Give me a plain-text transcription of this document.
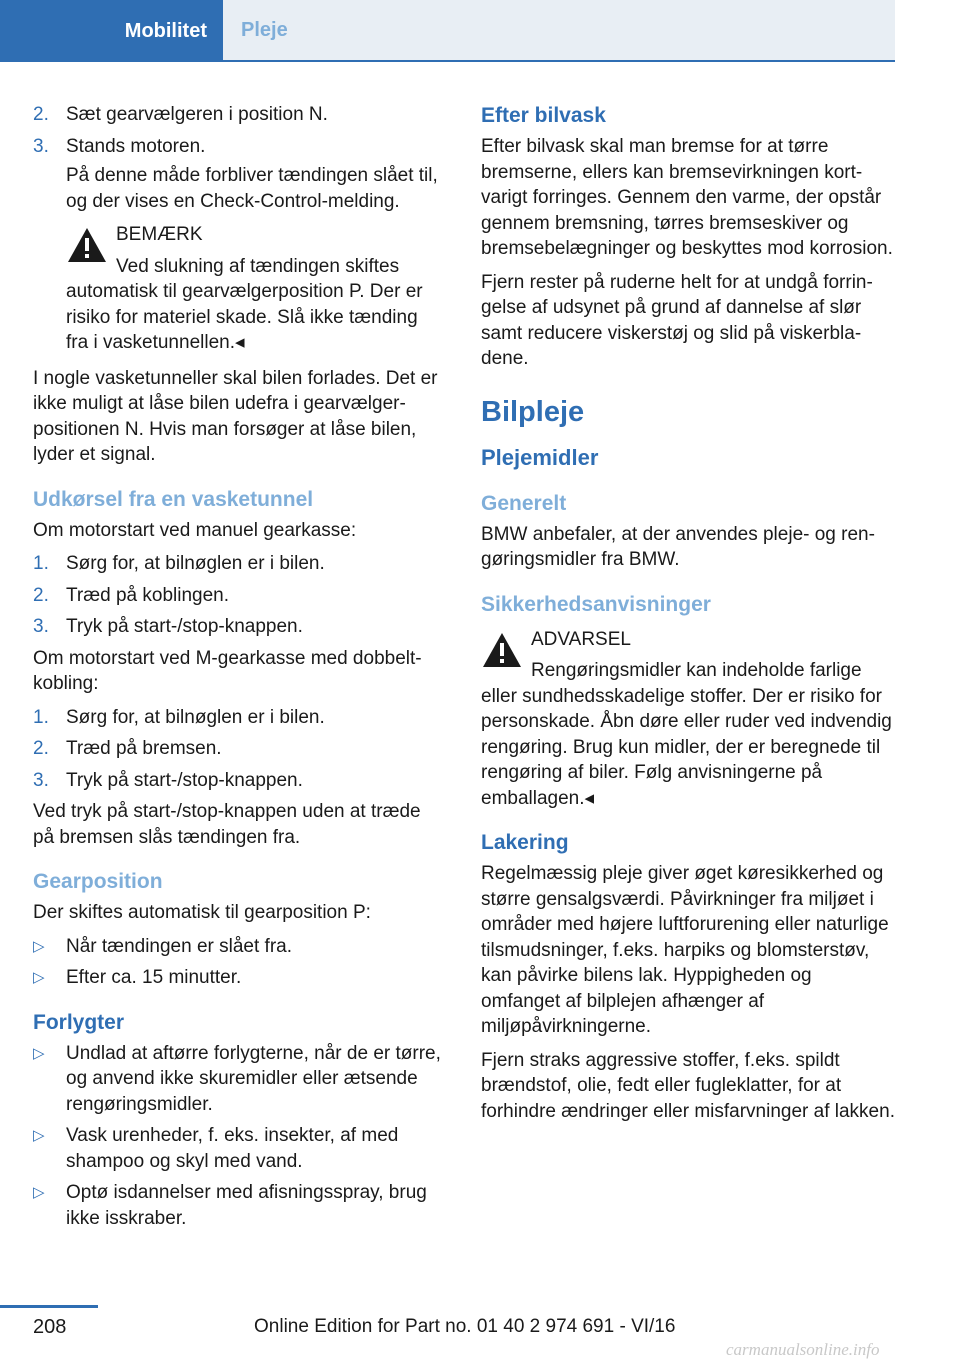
Mobilitet	Pleje
2. Sæt gearvælgeren i position N.
3. Stands motoren.

På denne måde forbliver tændingen slået til, og der vises en Check-Control-melding.

BEMÆRK
Ved slukning af tændingen skiftes
automatisk til gearvælgerposition P. Der er risiko for materiel skade. Slå ikke tænding fra i vasketunnellen.◂

I nogle vasketunneller skal bilen forlades. Det er ikke muligt at låse bilen udefra i gearvælgerpositionen N. Hvis man forsøger at låse bilen, lyder et signal.

Udkørsel fra en vasketunnel

Om motorstart ved manuel gearkasse:

1. Sørg for, at bilnøglen er i bilen.
2. Træd på koblingen.
3. Tryk på start-/stop-knappen.

Om motorstart ved M-gearkasse med dobbeltkobling:

1. Sørg for, at bilnøglen er i bilen.
2. Træd på bremsen.
3. Tryk på start-/stop-knappen.

Ved tryk på start-/stop-knappen uden at træde på bremsen slås tændingen fra.

Gearposition

Der skiftes automatisk til gearposition P:

▷ Når tændingen er slået fra.
▷ Efter ca. 15 minutter.
Forlygter
▷ Undlad at aftørre forlygterne, når de er tørre, og anvend ikke skuremidler eller ætsende rengøringsmidler.
▷ Vask urenheder, f. eks. insekter, af med shampoo og skyl med vand.
▷ Optø isdannelser med afisningsspray, brug ikke isskraber.
Efter bilvask

Efter bilvask skal man bremse for at tørre bremserne, ellers kan bremsevirkningen kortvarigt forringes. Gennem den varme, der opstår gennem bremsning, tørres bremseskiver og bremsebelægninger og beskyttes mod korrosion.

Fjern rester på ruderne helt for at undgå forringelse af udsynet på grund af dannelse af slør samt reducere viskerstøj og slid på viskerbladene.

Bilpleje
Plejemidler
Generelt

BMW anbefaler, at der anvendes pleje- og rengøringsmidler fra BMW.

Sikkerhedsanvisninger
ADVARSEL
Rengøringsmidler kan indeholde farlige
eller sundhedsskadelige stoffer. Der er risiko for personskade. Åbn døre eller ruder ved indvendig rengøring. Brug kun midler, der er beregnede til rengøring af biler. Følg anvisningerne på emballagen.◂
Lakering

Regelmæssig pleje giver øget køresikkerhed og større gensalgsværdi. Påvirkninger fra miljøet i områder med højere luftforurening eller naturlige tilsmudsninger, f.eks. harpiks og blomsterstøv, kan påvirke bilens lak. Hyppigheden og omfanget af bilplejen afhænger af miljøpåvirkningerne.

Fjern straks aggressive stoffer, f.eks. spildt brændstof, olie, fedt eller fugleklatter, for at forhindre ændringer eller misfarvninger af lakken.

208	Online Edition for Part no. 01 40 2 974 691 - VI/16
carmanualsonline.info
